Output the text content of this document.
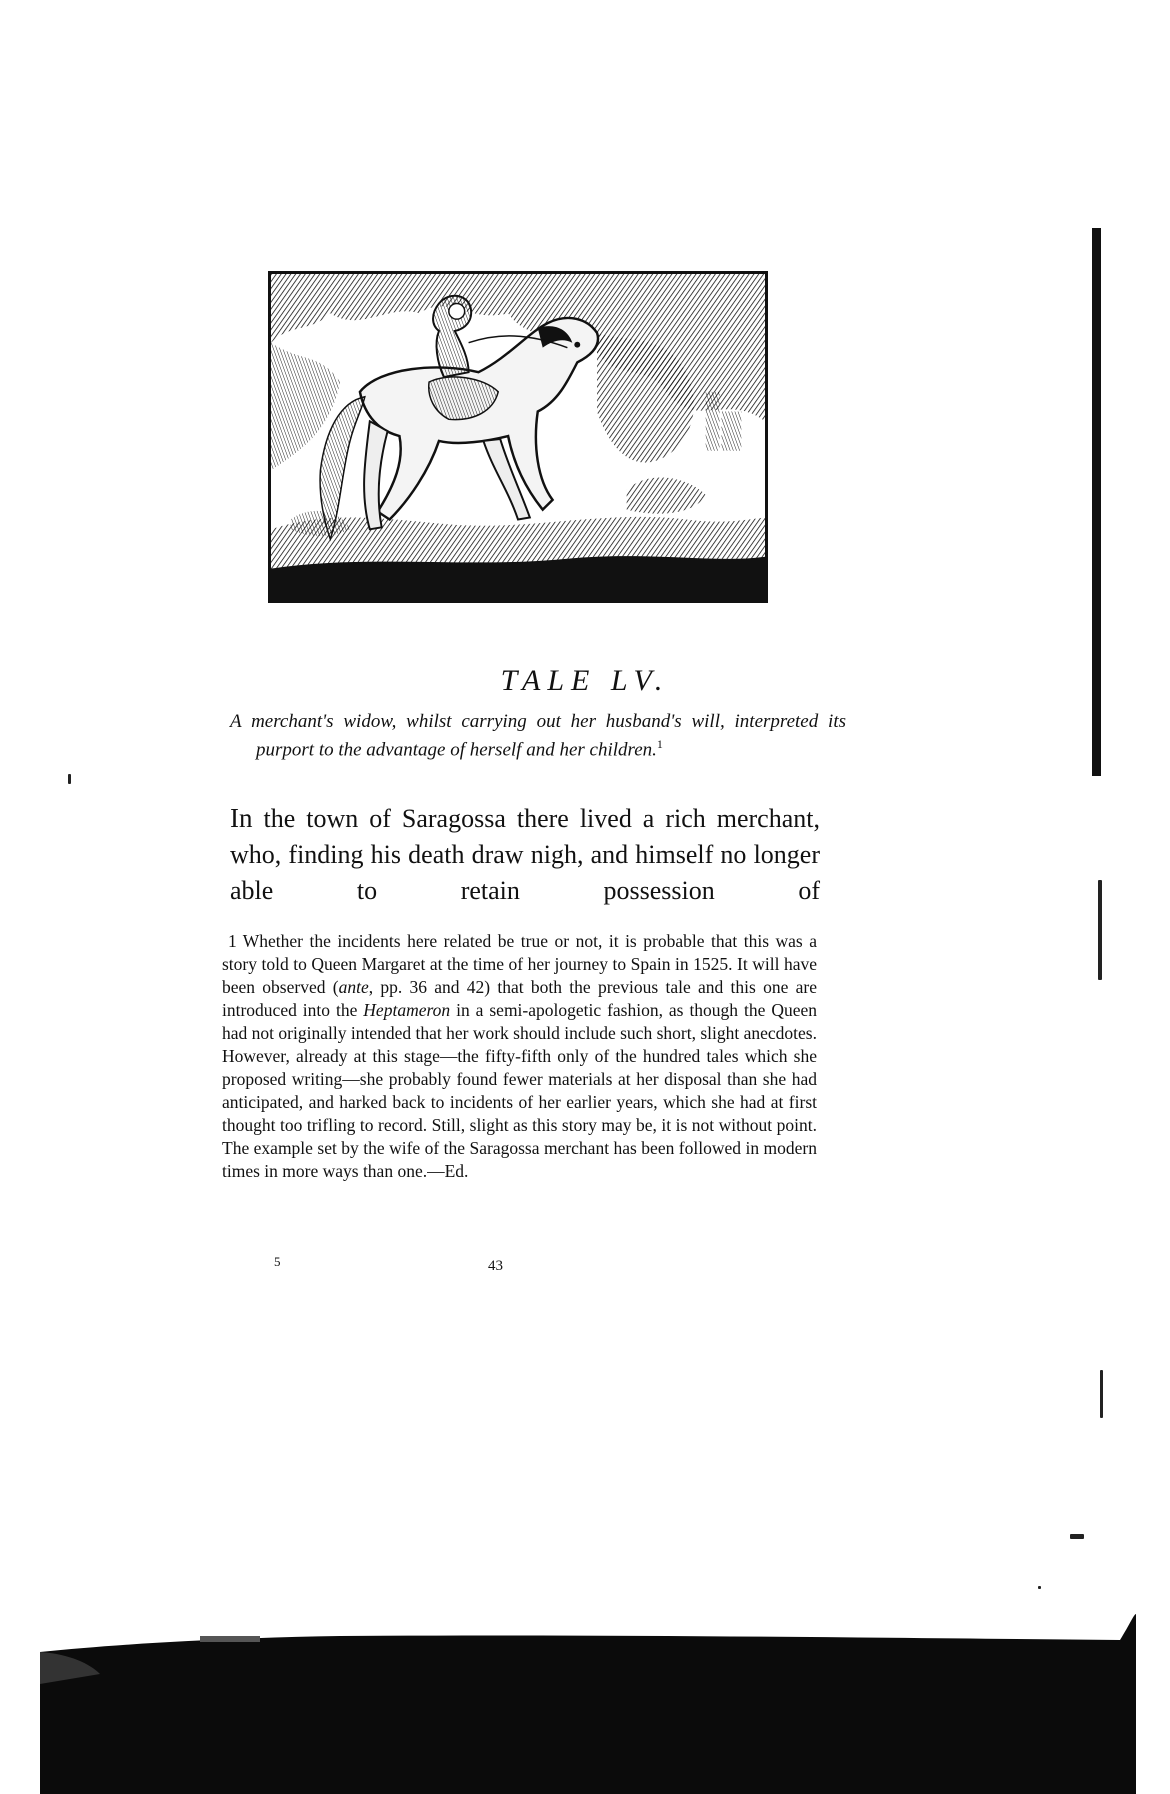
TALE LV.
A merchant's widow, whilst carrying out her husband's will, interpreted its purport to the advantage of herself and her children.$^1$
In the town of Saragossa there lived a rich merchant, who, finding his death draw nigh, and himself no longer able to retain possession of
1 Whether the incidents here related be true or not, it is probable that this was a story told to Queen Margaret at the time of her journey to Spain in 1525. It will have been observed (ante, pp. 36 and 42) that both the previous tale and this one are introduced into the Heptameron in a semi-apologetic fashion, as though the Queen had not originally intended that her work should include such short, slight anecdotes. However, already at this stage—the fifty-fifth only of the hundred tales which she proposed writing—she probably found fewer materials at her disposal than she had anticipated, and harked back to incidents of her earlier years, which she had at first thought too trifling to record. Still, slight as this story may be, it is not without point. The example set by the wife of the Saragossa merchant has been followed in modern times in more ways than one.—Ed.
5	43
